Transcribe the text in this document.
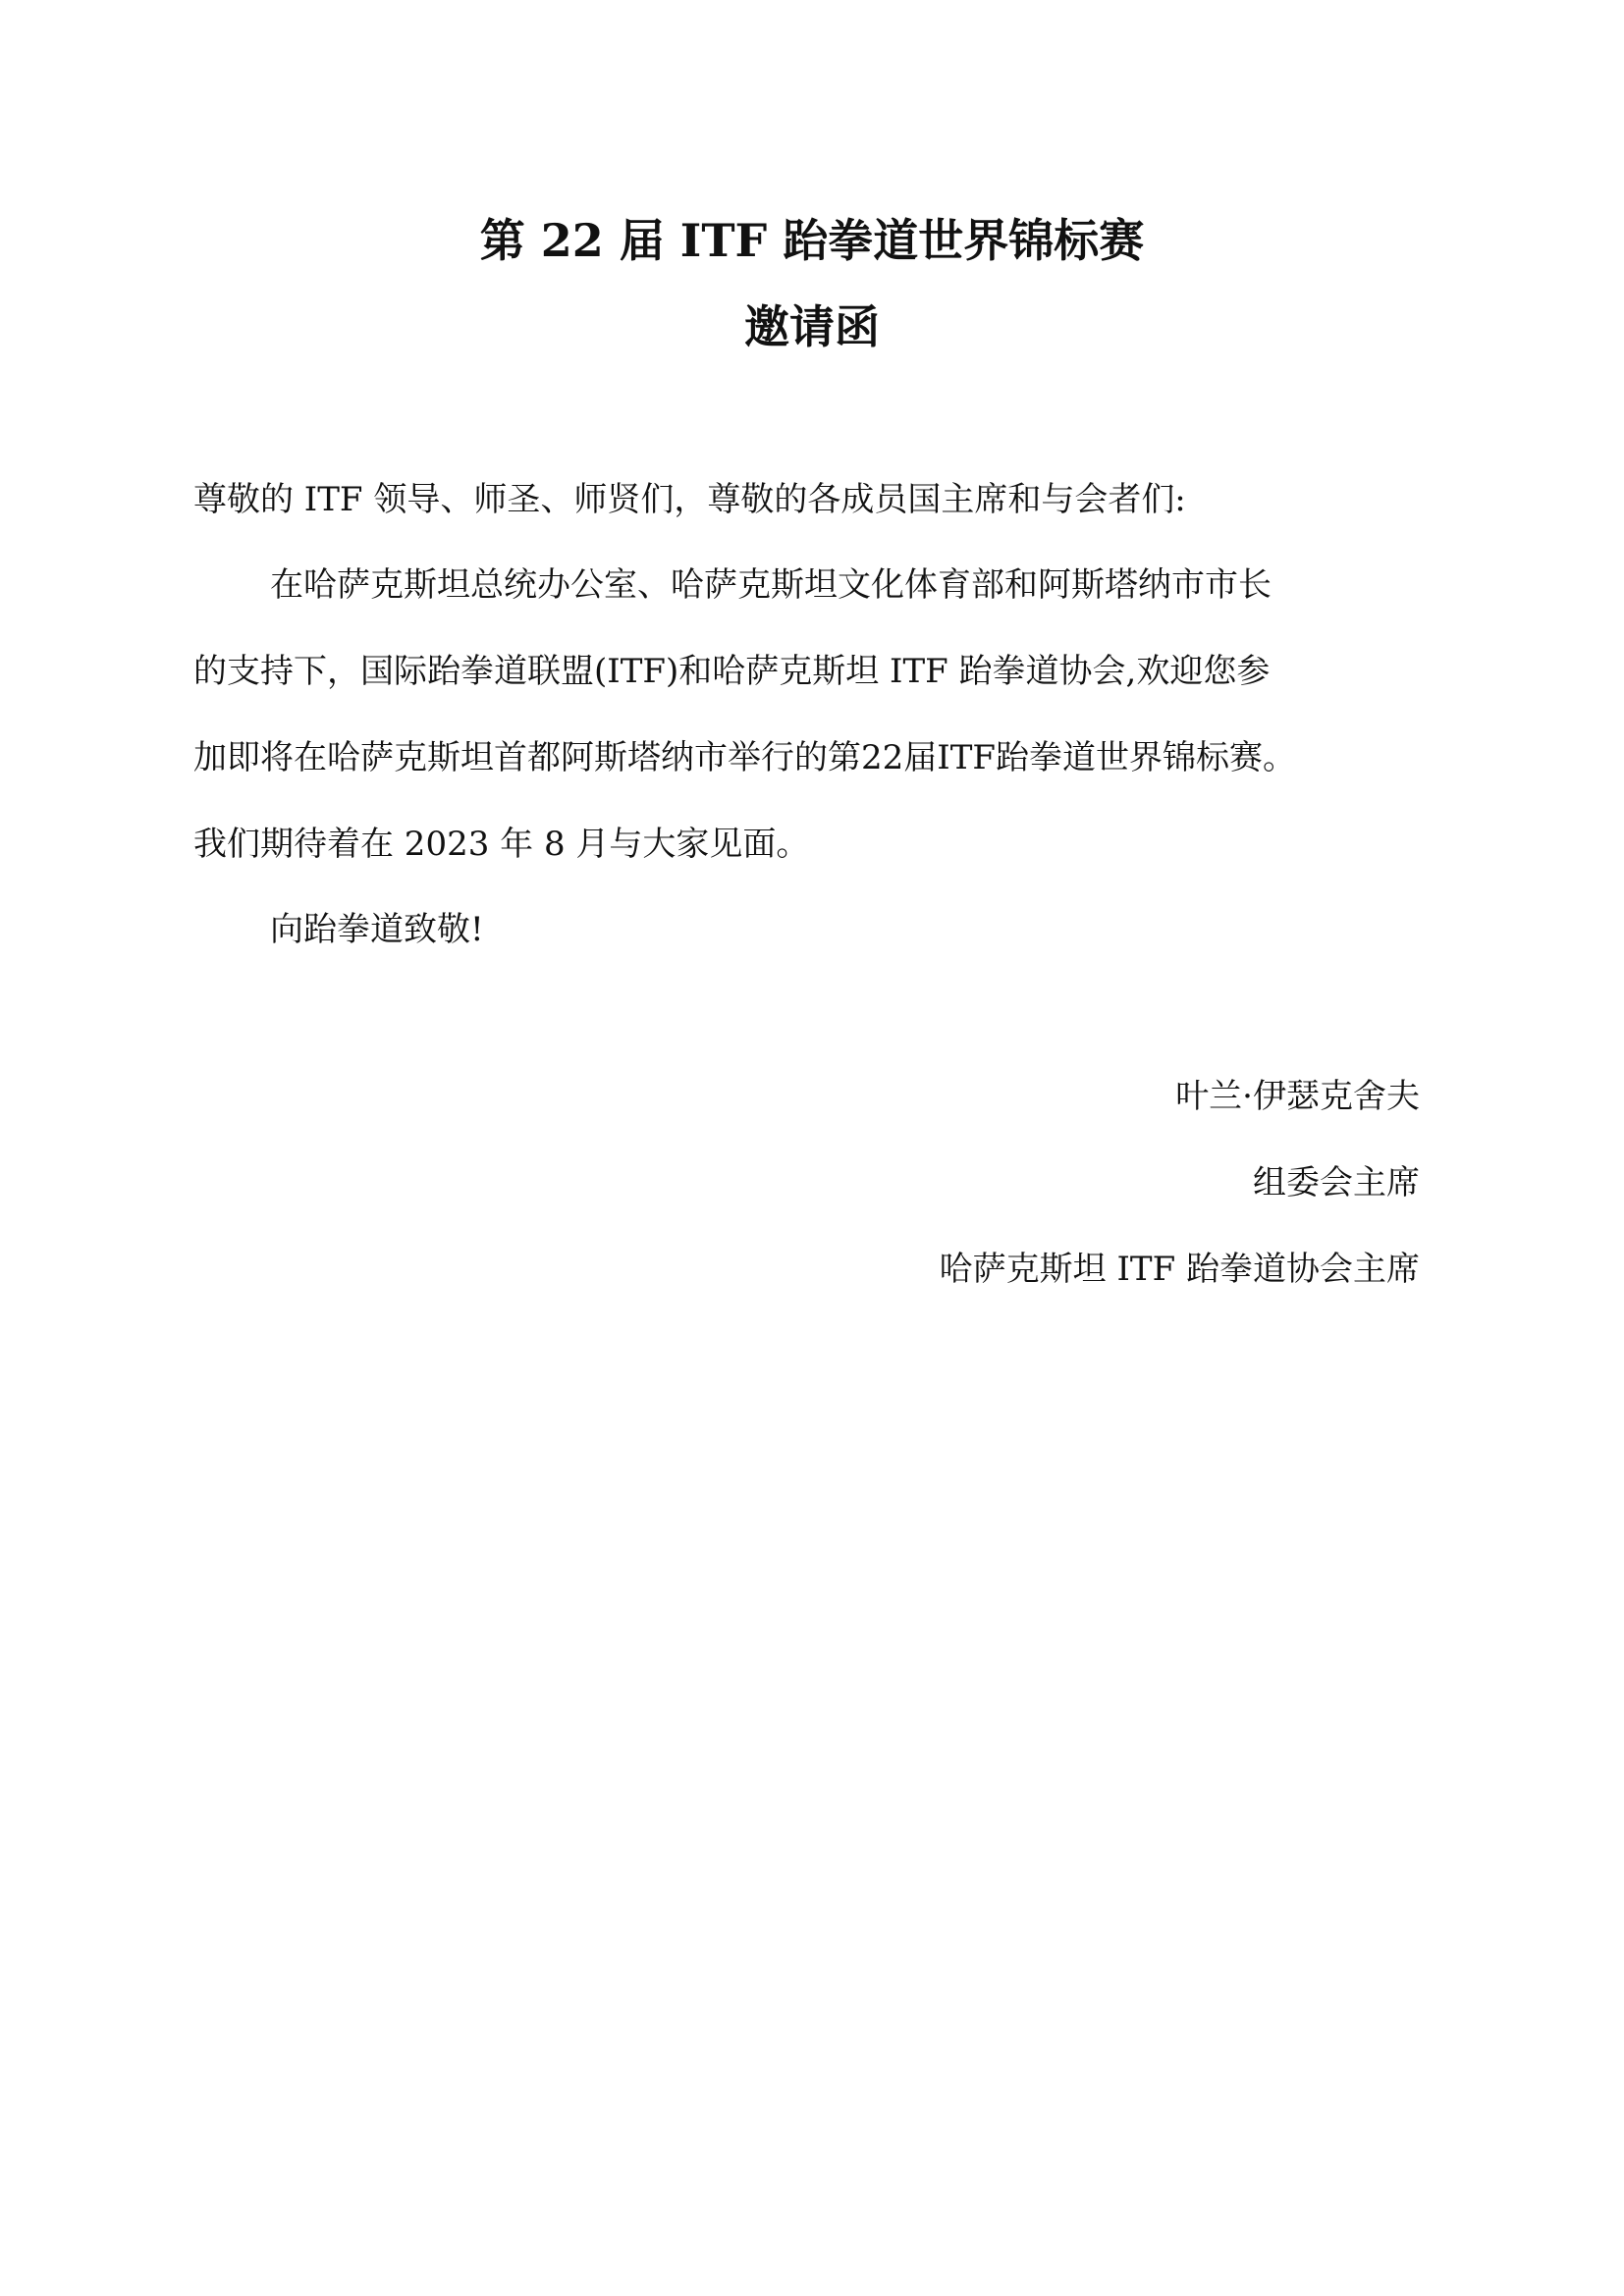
第 22 届 ITF 跆拳道世界锦标赛
邀请函
尊敬的 ITF 领导、师圣、师贤们，尊敬的各成员国主席和与会者们:
在哈萨克斯坦总统办公室、哈萨克斯坦文化体育部和阿斯塔纳市市长
的支持下，国际跆拳道联盟(ITF)和哈萨克斯坦 ITF 跆拳道协会,欢迎您参
加即将在哈萨克斯坦首都阿斯塔纳市举行的第22届ITF跆拳道世界锦标赛。
我们期待着在 2023 年 8 月与大家见面。
向跆拳道致敬!
叶兰·伊瑟克舍夫
组委会主席
哈萨克斯坦 ITF 跆拳道协会主席
